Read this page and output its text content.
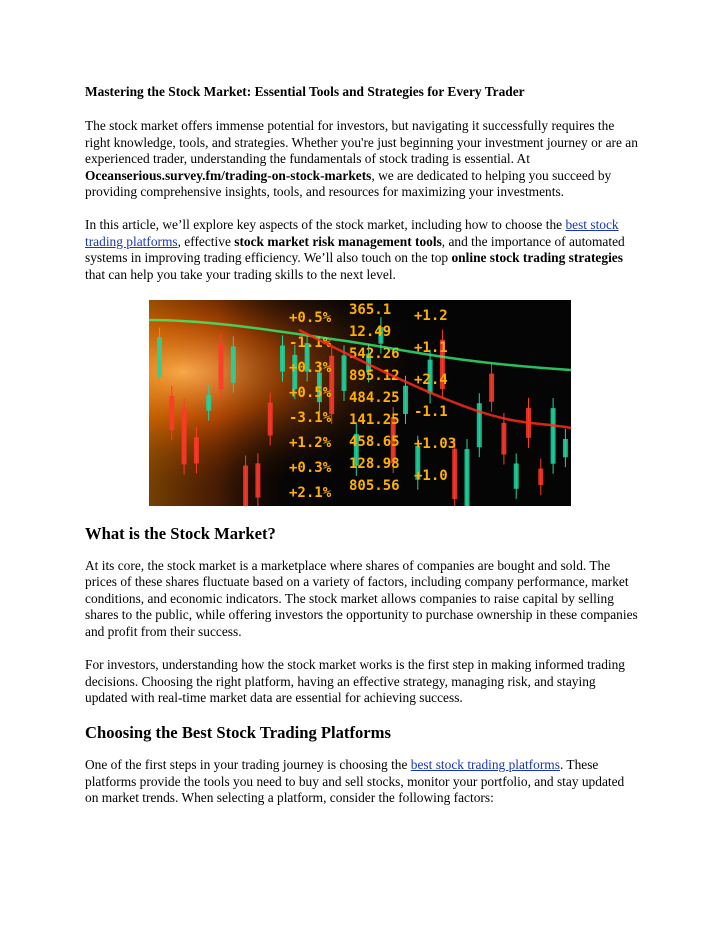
Mastering the Stock Market: Essential Tools and Strategies for Every Trader

The stock market offers immense potential for investors, but navigating it successfully requires the right knowledge, tools, and strategies. Whether you're just beginning your investment journey or are an experienced trader, understanding the fundamentals of stock trading is essential. At Oceanserious.survey.fm/trading-on-stock-markets, we are dedicated to helping you succeed by providing comprehensive insights, tools, and resources for maximizing your investments.

In this article, we’ll explore key aspects of the stock market, including how to choose the best stock trading platforms, effective stock market risk management tools, and the importance of automated systems in improving trading efficiency. We’ll also touch on the top online stock trading strategies that can help you take your trading skills to the next level.

+0.5%
-1.1%
+0.3%
+0.5%
-3.1%
+1.2%
+0.3%
+2.1%
365.1
12.49
542.26
895.12
484.25
141.25
458.65
128.98
805.56
+1.2
+1.1
+2.4
-1.1
+1.03
+1.0
What is the Stock Market?

At its core, the stock market is a marketplace where shares of companies are bought and sold. The prices of these shares fluctuate based on a variety of factors, including company performance, market conditions, and economic indicators. The stock market allows companies to raise capital by selling shares to the public, while offering investors the opportunity to purchase ownership in these companies and profit from their success.

For investors, understanding how the stock market works is the first step in making informed trading decisions. Choosing the right platform, having an effective strategy, managing risk, and staying updated with real-time market data are essential for achieving success.

Choosing the Best Stock Trading Platforms

One of the first steps in your trading journey is choosing the best stock trading platforms. These platforms provide the tools you need to buy and sell stocks, monitor your portfolio, and stay updated on market trends. When selecting a platform, consider the following factors:
